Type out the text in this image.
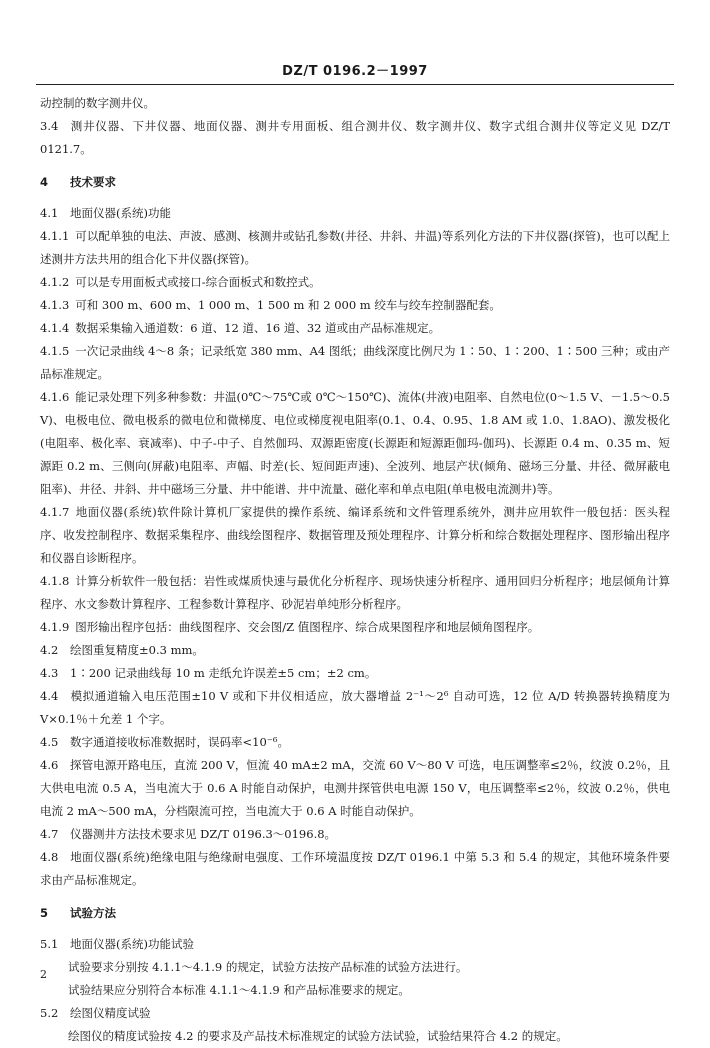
DZ/T 0196.2－1997

动控制的数字测井仪。

3.4 测井仪器、下井仪器、地面仪器、测井专用面板、组合测井仪、数字测井仪、数字式组合测井仪等定义见 DZ/T 0121.7。

4 技术要求

4.1 地面仪器(系统)功能

4.1.1 可以配单独的电法、声波、感测、核测井或钻孔参数(井径、井斜、井温)等系列化方法的下井仪器(探管)，也可以配上述测井方法共用的组合化下井仪器(探管)。

4.1.2 可以是专用面板式或接口-综合面板式和数控式。

4.1.3 可和 300 m、600 m、1 000 m、1 500 m 和 2 000 m 绞车与绞车控制器配套。

4.1.4 数据采集输入通道数：6 道、12 道、16 道、32 道或由产品标准规定。

4.1.5 一次记录曲线 4～8 条；记录纸宽 380 mm、A4 图纸；曲线深度比例尺为 1∶50、1∶200、1∶500 三种；或由产品标准规定。

4.1.6 能记录处理下列多种参数：井温(0℃～75℃或 0℃～150℃)、流体(井液)电阻率、自然电位(0～1.5 V、－1.5～0.5 V)、电极电位、微电极系的微电位和微梯度、电位或梯度视电阻率(0.1、0.4、0.95、1.8 AM 或 1.0、1.8AO)、激发极化(电阻率、极化率、衰减率)、中子-中子、自然伽玛、双源距密度(长源距和短源距伽玛-伽玛)、长源距 0.4 m、0.35 m、短源距 0.2 m、三侧向(屏蔽)电阻率、声幅、时差(长、短间距声速)、全波列、地层产状(倾角、磁场三分量、井径、微屏蔽电阻率)、井径、井斜、井中磁场三分量、井中能谱、井中流量、磁化率和单点电阻(单电极电流测井)等。

4.1.7 地面仪器(系统)软件除计算机厂家提供的操作系统、编译系统和文件管理系统外，测井应用软件一般包括：医头程序、收发控制程序、数据采集程序、曲线绘图程序、数据管理及预处理程序、计算分析和综合数据处理程序、图形输出程序和仪器自诊断程序。

4.1.8 计算分析软件一般包括：岩性或煤质快速与最优化分析程序、现场快速分析程序、通用回归分析程序；地层倾角计算程序、水文参数计算程序、工程参数计算程序、砂泥岩单纯形分析程序。

4.1.9 图形输出程序包括：曲线图程序、交会图/Z 值图程序、综合成果图程序和地层倾角图程序。

4.2 绘图重复精度±0.3 mm。

4.3 1∶200 记录曲线每 10 m 走纸允许误差±5 cm；±2 cm。

4.4 模拟通道输入电压范围±10 V 或和下井仪相适应，放大器增益 2⁻¹～2⁶ 自动可选，12 位 A/D 转换器转换精度为 V×0.1％＋允差 1 个字。

4.5 数字通道接收标准数据时，误码率<10⁻⁶。

4.6 探管电源开路电压，直流 200 V，恒流 40 mA±2 mA，交流 60 V～80 V 可选，电压调整率≤2％，纹波 0.2％，且大供电电流 0.5 A，当电流大于 0.6 A 时能自动保护，电测井探管供电电源 150 V，电压调整率≤2％，纹波 0.2％，供电电流 2 mA～500 mA，分档限流可控，当电流大于 0.6 A 时能自动保护。

4.7 仪器测井方法技术要求见 DZ/T 0196.3～0196.8。

4.8 地面仪器(系统)绝缘电阻与绝缘耐电强度、工作环境温度按 DZ/T 0196.1 中第 5.3 和 5.4 的规定，其他环境条件要求由产品标准规定。

5 试验方法

5.1 地面仪器(系统)功能试验

试验要求分别按 4.1.1～4.1.9 的规定，试验方法按产品标准的试验方法进行。

试验结果应分别符合本标准 4.1.1～4.1.9 和产品标准要求的规定。

5.2 绘图仪精度试验

绘图仪的精度试验按 4.2 的要求及产品技术标准规定的试验方法试验，试验结果符合 4.2 的规定。

2
